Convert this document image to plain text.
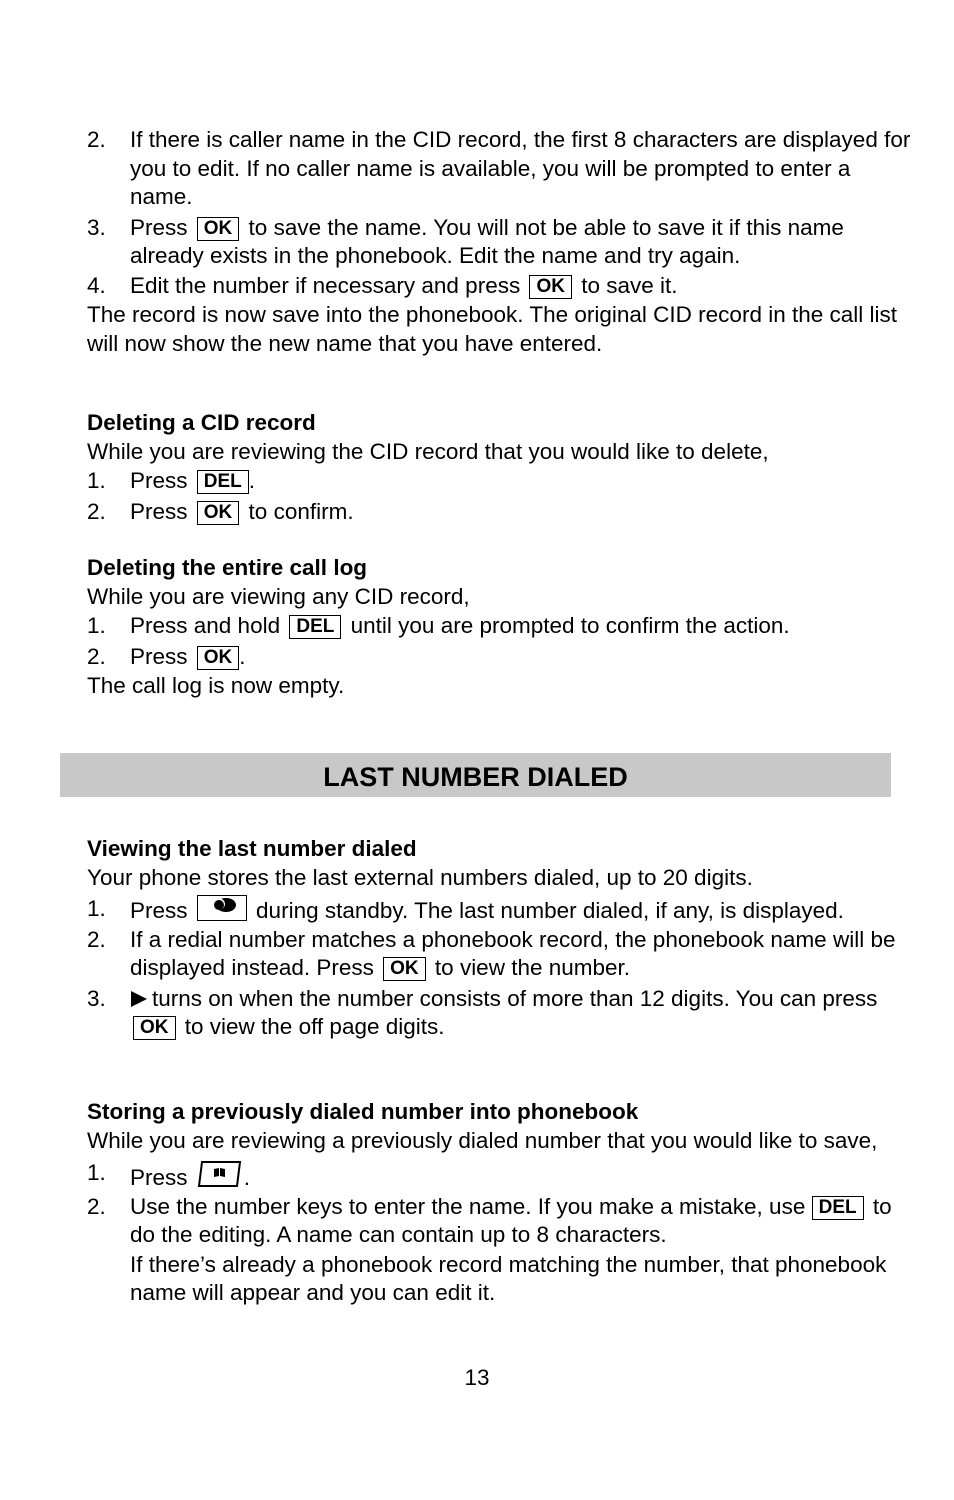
2. If there is caller name in the CID record, the first 8 characters are displayed for you to edit. If no caller name is available, you will be prompted to enter a name.
3. Press OK to save the name. You will not be able to save it if this name already exists in the phonebook. Edit the name and try again.
4. Edit the number if necessary and press OK to save it.
The record is now save into the phonebook. The original CID record in the call list will now show the new name that you have entered.
Deleting a CID record
While you are reviewing the CID record that you would like to delete,
1. Press DEL .
2. Press OK to confirm.
Deleting the entire call log
While you are viewing any CID record,
1. Press and hold DEL until you are prompted to confirm the action.
2. Press OK .
The call log is now empty.
LAST NUMBER DIALED
Viewing the last number dialed
Your phone stores the last external numbers dialed, up to 20 digits.
1. Press	during standby. The last number dialed, if any, is displayed.
2. If a redial number matches a phonebook record, the phonebook name will be displayed instead. Press OK to view the number.
3. turns on when the number consists of more than 12 digits. You can press OK to view the off page digits.
Storing a previously dialed number into phonebook
While you are reviewing a previously dialed number that you would like to save,
1. Press	.
2. Use the number keys to enter the name. If you make a mistake, use DEL to do the editing. A name can contain up to 8 characters.
If there’s already a phonebook record matching the number, that phonebook name will appear and you can edit it.
13
